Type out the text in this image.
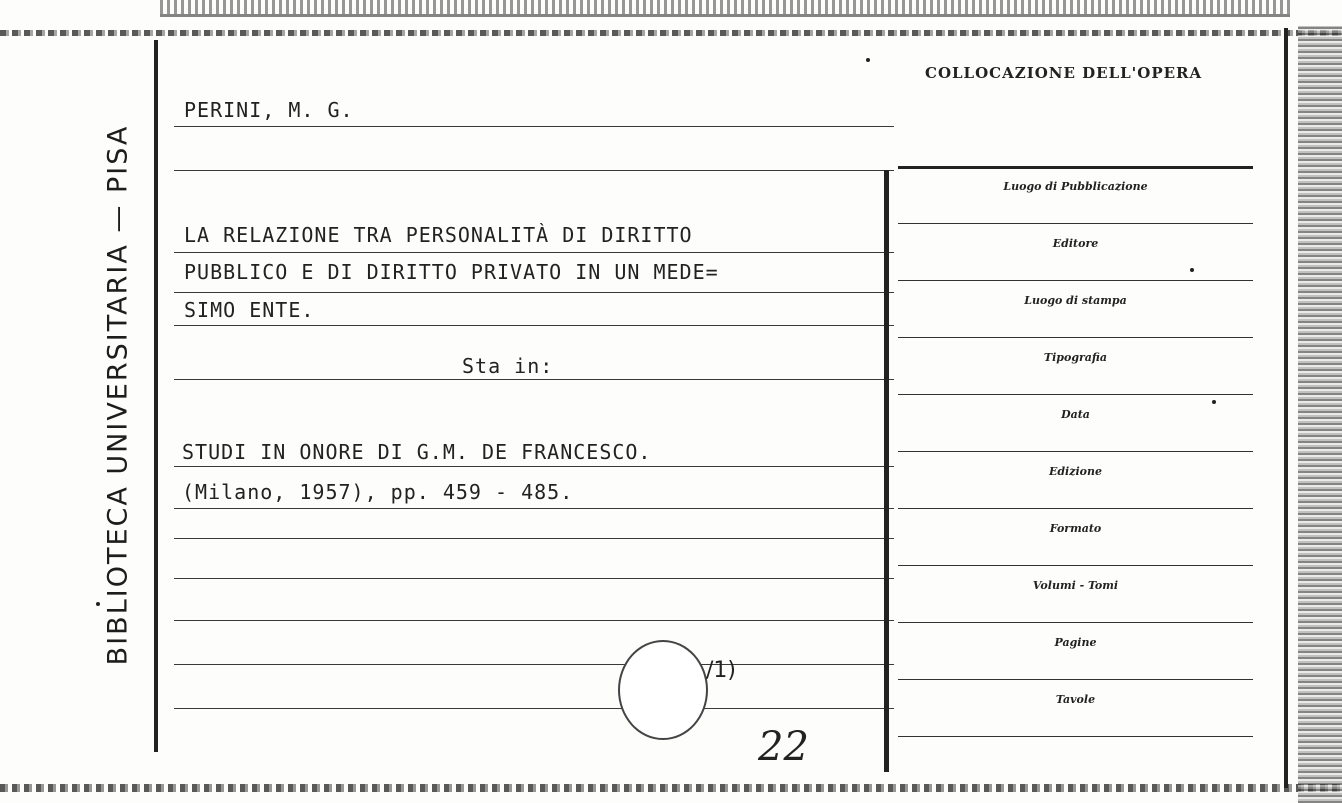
BIBLIOTECA UNIVERSITARIA — PISA
PERINI, M. G.
LA RELAZIONE TRA PERSONALITÀ DI DIRITTO
PUBBLICO E DI DIRITTO PRIVATO IN UN MEDE=
SIMO ENTE.
Sta in:
STUDI IN ONORE DI G.M. DE FRANCESCO.
(Milano, 1957), pp. 459 - 485.
/1)
22
COLLOCAZIONE DELL'OPERA
Luogo di Pubblicazione
Editore
Luogo di stampa
Tipografia
Data
Edizione
Formato
Volumi - Tomi
Pagine
Tavole
